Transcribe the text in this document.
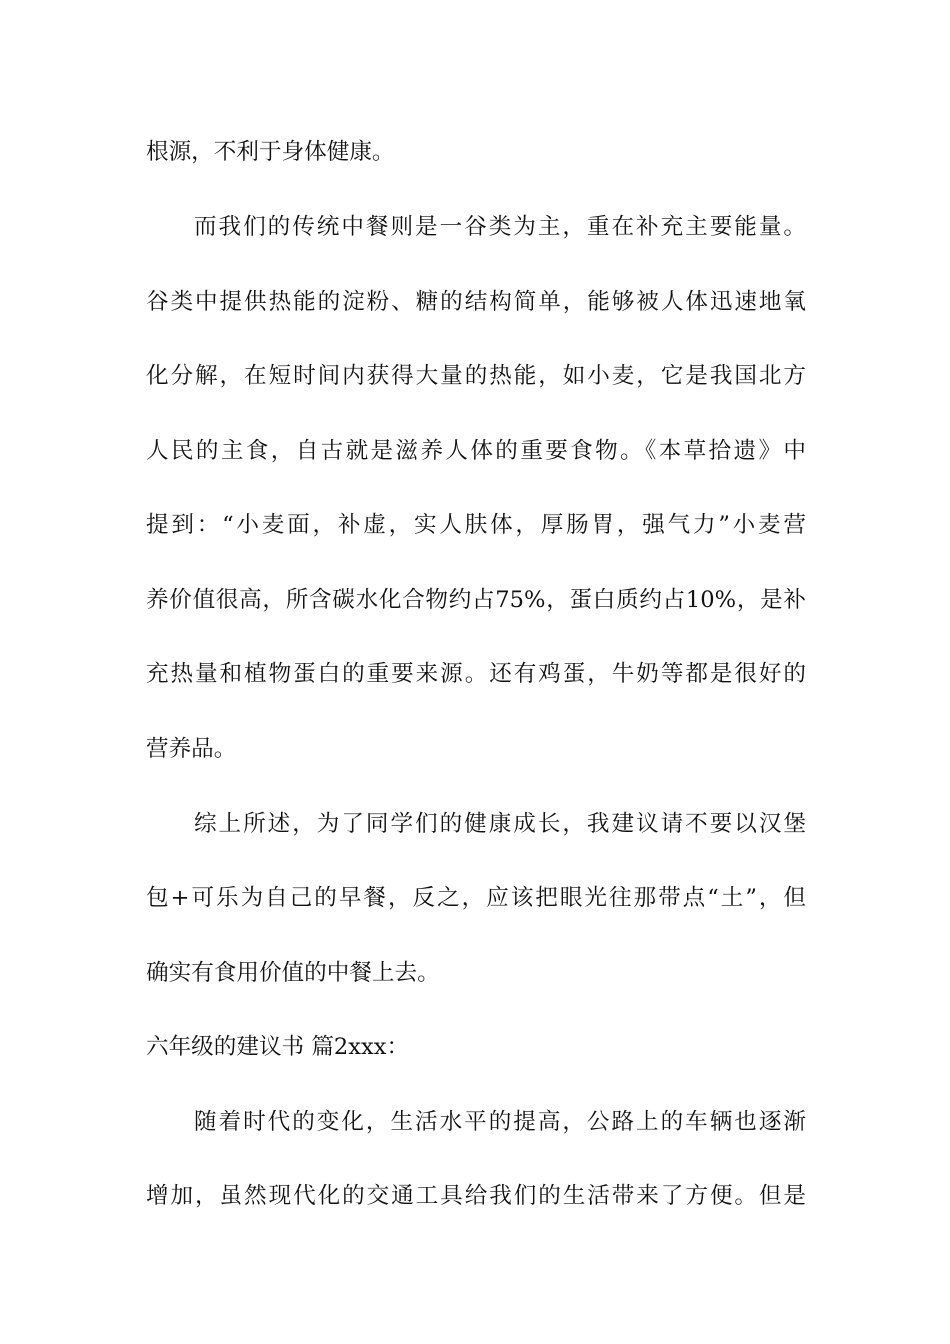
根源，不利于身体健康。
而我们的传统中餐则是一谷类为主，重在补充主要能量。
谷类中提供热能的淀粉、糖的结构简单，能够被人体迅速地氧
化分解，在短时间内获得大量的热能，如小麦，它是我国北方
人民的主食，自古就是滋养人体的重要食物。《本草拾遗》中
提到：“小麦面，补虚，实人肤体，厚肠胃，强气力”小麦营
养价值很高，所含碳水化合物约占75%，蛋白质约占10%，是补
充热量和植物蛋白的重要来源。还有鸡蛋，牛奶等都是很好的
营养品。
综上所述，为了同学们的健康成长，我建议请不要以汉堡
包+可乐为自己的早餐，反之，应该把眼光往那带点“土”，但
确实有食用价值的中餐上去。
六年级的建议书 篇2xxx：
随着时代的变化，生活水平的提高，公路上的车辆也逐渐
增加，虽然现代化的交通工具给我们的生活带来了方便。但是
